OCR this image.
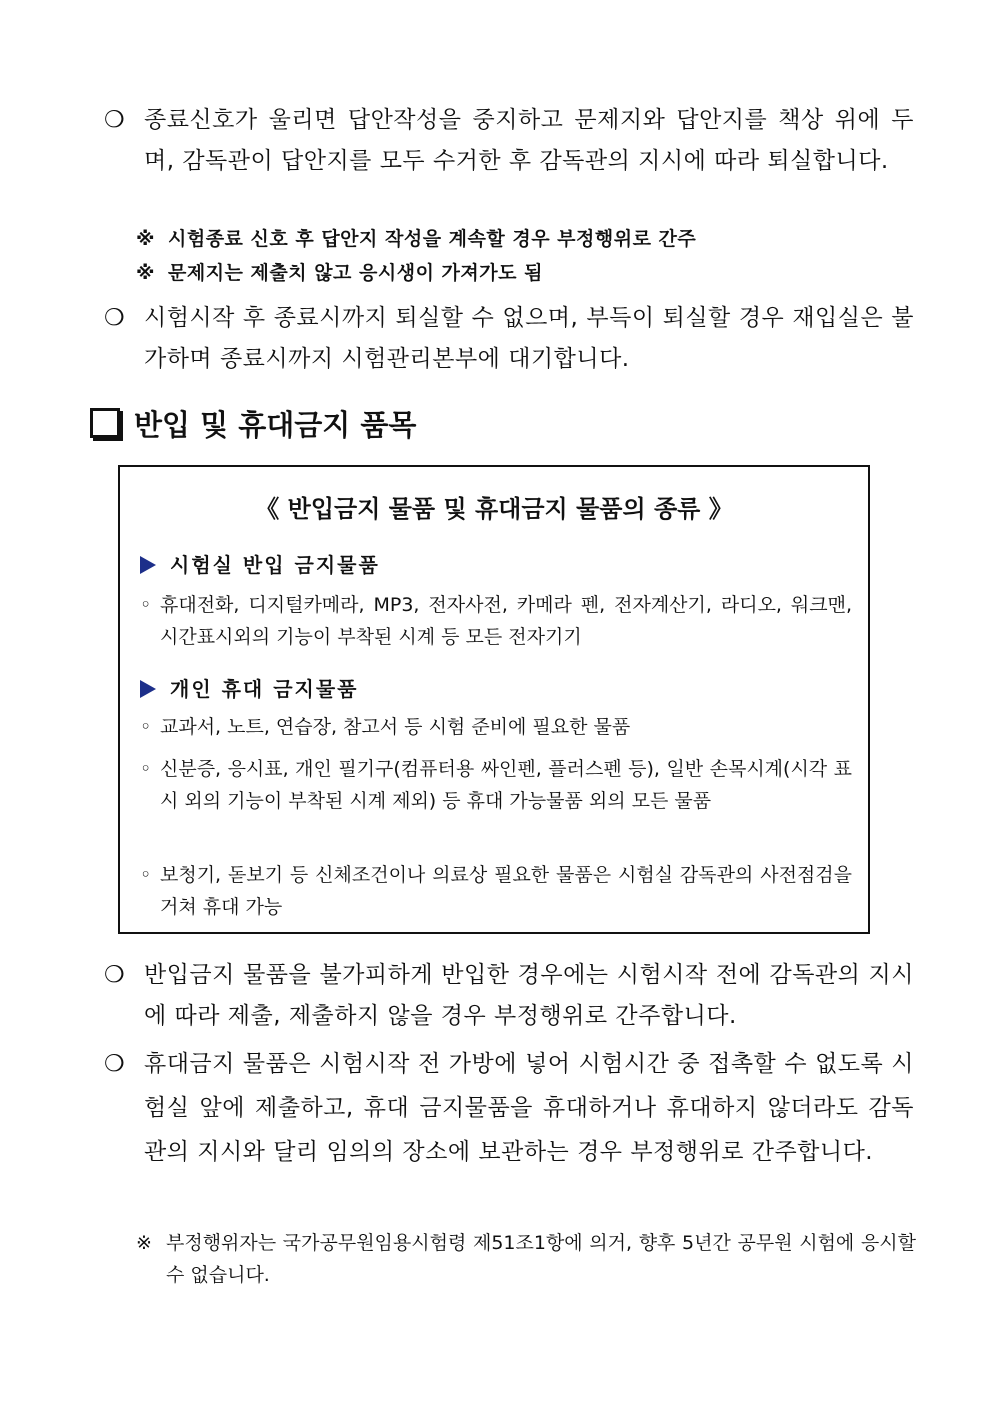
❍ 종료신호가 울리면 답안작성을 중지하고 문제지와 답안지를 책상 위에 두며, 감독관이 답안지를 모두 수거한 후 감독관의 지시에 따라 퇴실합니다.
※ 시험종료 신호 후 답안지 작성을 계속할 경우 부정행위로 간주
※ 문제지는 제출치 않고 응시생이 가져가도 됨
❍ 시험시작 후 종료시까지 퇴실할 수 없으며, 부득이 퇴실할 경우 재입실은 불가하며 종료시까지 시험관리본부에 대기합니다.
반입 및 휴대금지 품목
《 반입금지 물품 및 휴대금지 물품의 종류 》
시험실 반입 금지물품
◦ 휴대전화, 디지털카메라, MP3, 전자사전, 카메라 펜, 전자계산기, 라디오, 워크맨, 시간표시외의 기능이 부착된 시계 등 모든 전자기기
개인 휴대 금지물품
◦ 교과서, 노트, 연습장, 참고서 등 시험 준비에 필요한 물품
◦ 신분증, 응시표, 개인 필기구(컴퓨터용 싸인펜, 플러스펜 등), 일반 손목시계(시각 표시 외의 기능이 부착된 시계 제외) 등 휴대 가능물품 외의 모든 물품
◦ 보청기, 돋보기 등 신체조건이나 의료상 필요한 물품은 시험실 감독관의 사전점검을 거쳐 휴대 가능
❍ 반입금지 물품을 불가피하게 반입한 경우에는 시험시작 전에 감독관의 지시에 따라 제출, 제출하지 않을 경우 부정행위로 간주합니다.
❍ 휴대금지 물품은 시험시작 전 가방에 넣어 시험시간 중 접촉할 수 없도록 시험실 앞에 제출하고, 휴대 금지물품을 휴대하거나 휴대하지 않더라도 감독관의 지시와 달리 임의의 장소에 보관하는 경우 부정행위로 간주합니다.
※ 부정행위자는 국가공무원임용시험령 제51조1항에 의거, 향후 5년간 공무원 시험에 응시할 수 없습니다.
